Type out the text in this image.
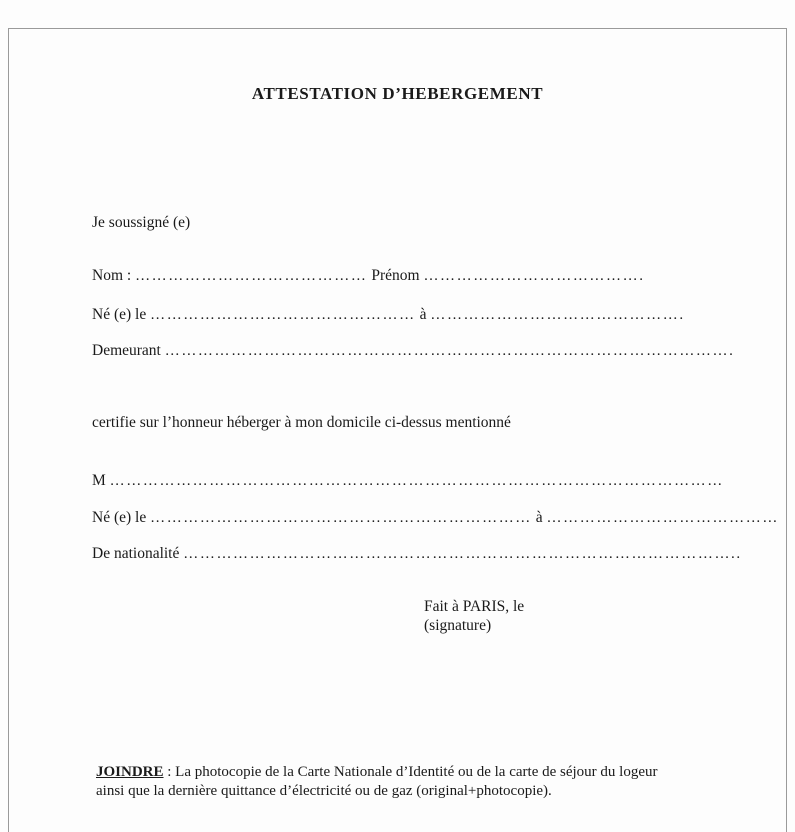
ATTESTATION D’HEBERGEMENT
Je soussigné (e)
Nom : …………………………………… Prénom ………………………………….
Né (e) le ………………………………………… à ……………………………………….
Demeurant ………………………………………………………………………………………….
certifie sur l’honneur héberger à mon domicile ci-dessus mentionné
M …………………………………………………………………………………………………
Né (e) le …………………………………………………………… à ……………………………………
De nationalité ………………………………………………………………………………………..
Fait à PARIS, le
(signature)
JOINDRE : La photocopie de la Carte Nationale d’Identité ou de la carte de séjour du logeur
ainsi que la dernière quittance d’électricité ou de gaz (original+photocopie).
